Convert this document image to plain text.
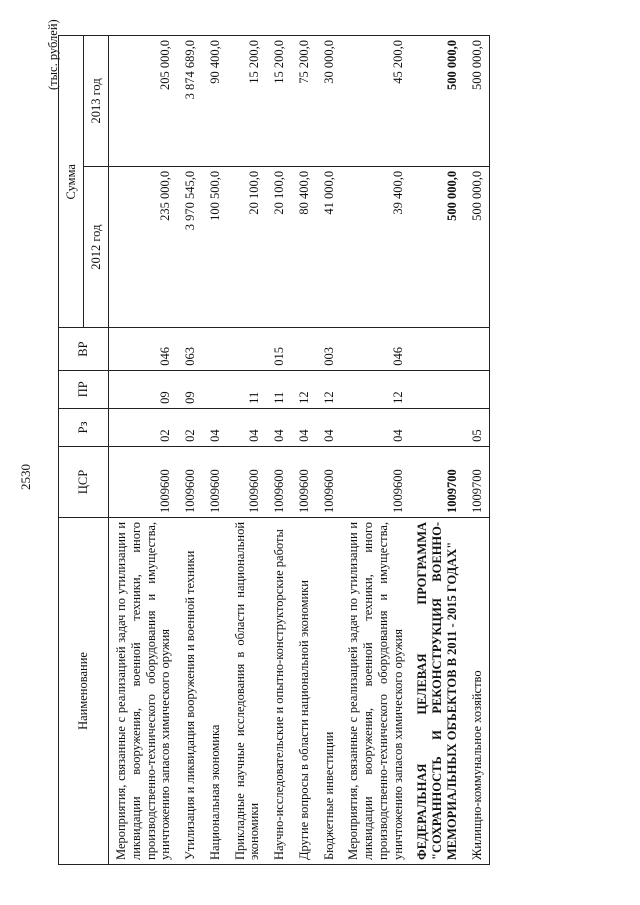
2530
(тыс. рублей)
Наименование	ЦСР	Рз	ПР	ВР	Сумма	
					2012 год	2013 год
Мероприятия, связанные с реализацией задач по утилизации и ликвидации вооружения, военной техники, иного производственно-технического оборудования и имущества, уничтожению запасов химического оружия	1009600	02	09	046	235 000,0	205 000,0
Утилизация и ликвидация вооружения и военной техники	1009600	02	09	063	3 970 545,0	3 874 689,0
Национальная экономика	1009600	04			100 500,0	90 400,0
Прикладные научные исследования в области национальной экономики	1009600	04	11		20 100,0	15 200,0
Научно-исследовательские и опытно-конструкторские работы	1009600	04	11	015	20 100,0	15 200,0
Другие вопросы в области национальной экономики	1009600	04	12		80 400,0	75 200,0
Бюджетные инвестиции	1009600	04	12	003	41 000,0	30 000,0
Мероприятия, связанные с реализацией задач по утилизации и ликвидации вооружения, военной техники, иного производственно-технического оборудования и имущества, уничтожению запасов химического оружия	1009600	04	12	046	39 400,0	45 200,0
ФЕДЕРАЛЬНАЯ ЦЕЛЕВАЯ ПРОГРАММА "СОХРАННОСТЬ И РЕКОНСТРУКЦИЯ ВОЕННО-МЕМОРИАЛЬНЫХ ОБЪЕКТОВ В 2011 - 2015 ГОДАХ"	1009700				500 000,0	500 000,0
Жилищно-коммунальное хозяйство	1009700	05			500 000,0	500 000,0
